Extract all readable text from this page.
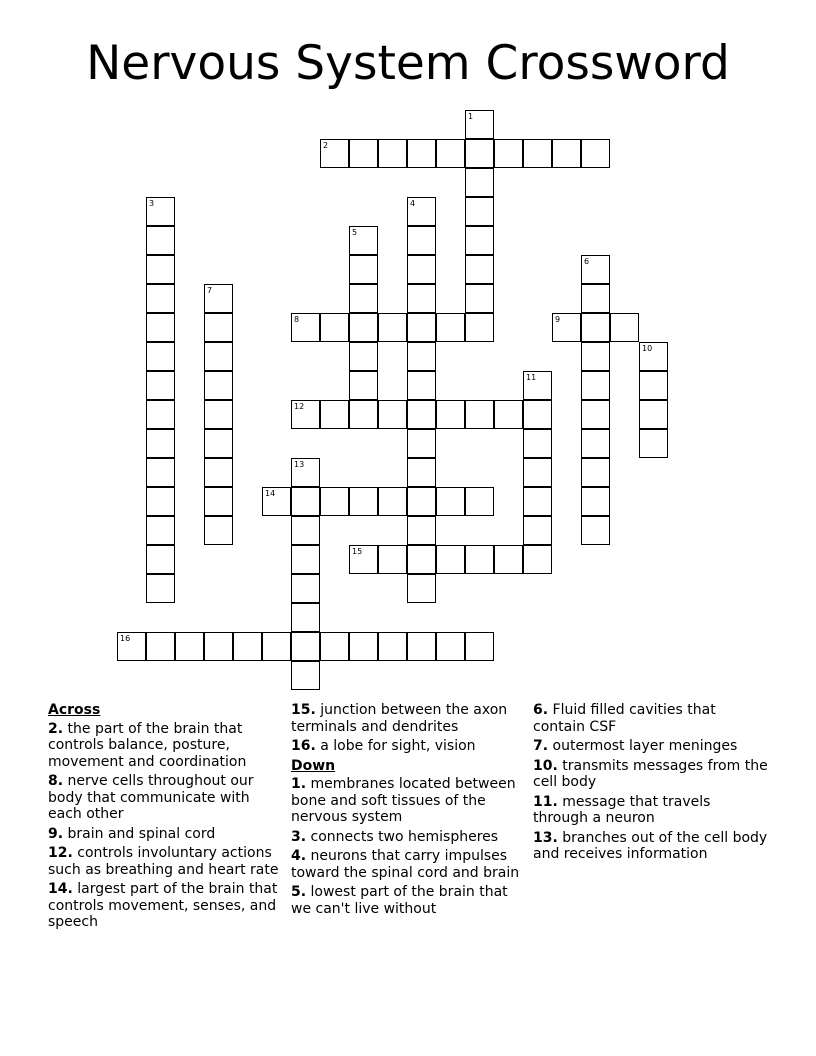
Nervous System Crossword
1
2
3	4
5
6
7
8	9
10
11
12
13
14
15
16
Across
2. the part of the brain that controls balance, posture, movement and coordination
8. nerve cells throughout our body that communicate with each other
9. brain and spinal cord
12. controls involuntary actions such as breathing and heart rate
14. largest part of the brain that controls movement, senses, and speech
15. junction between the axon terminals and dendrites
16. a lobe for sight, vision
Down
1. membranes located between bone and soft tissues of the nervous system
3. connects two hemispheres
4. neurons that carry impulses toward the spinal cord and brain
5. lowest part of the brain that we can't live without
6. Fluid filled cavities that contain CSF
7. outermost layer meninges
10. transmits messages from the cell body
11. message that travels through a neuron
13. branches out of the cell body and receives information
